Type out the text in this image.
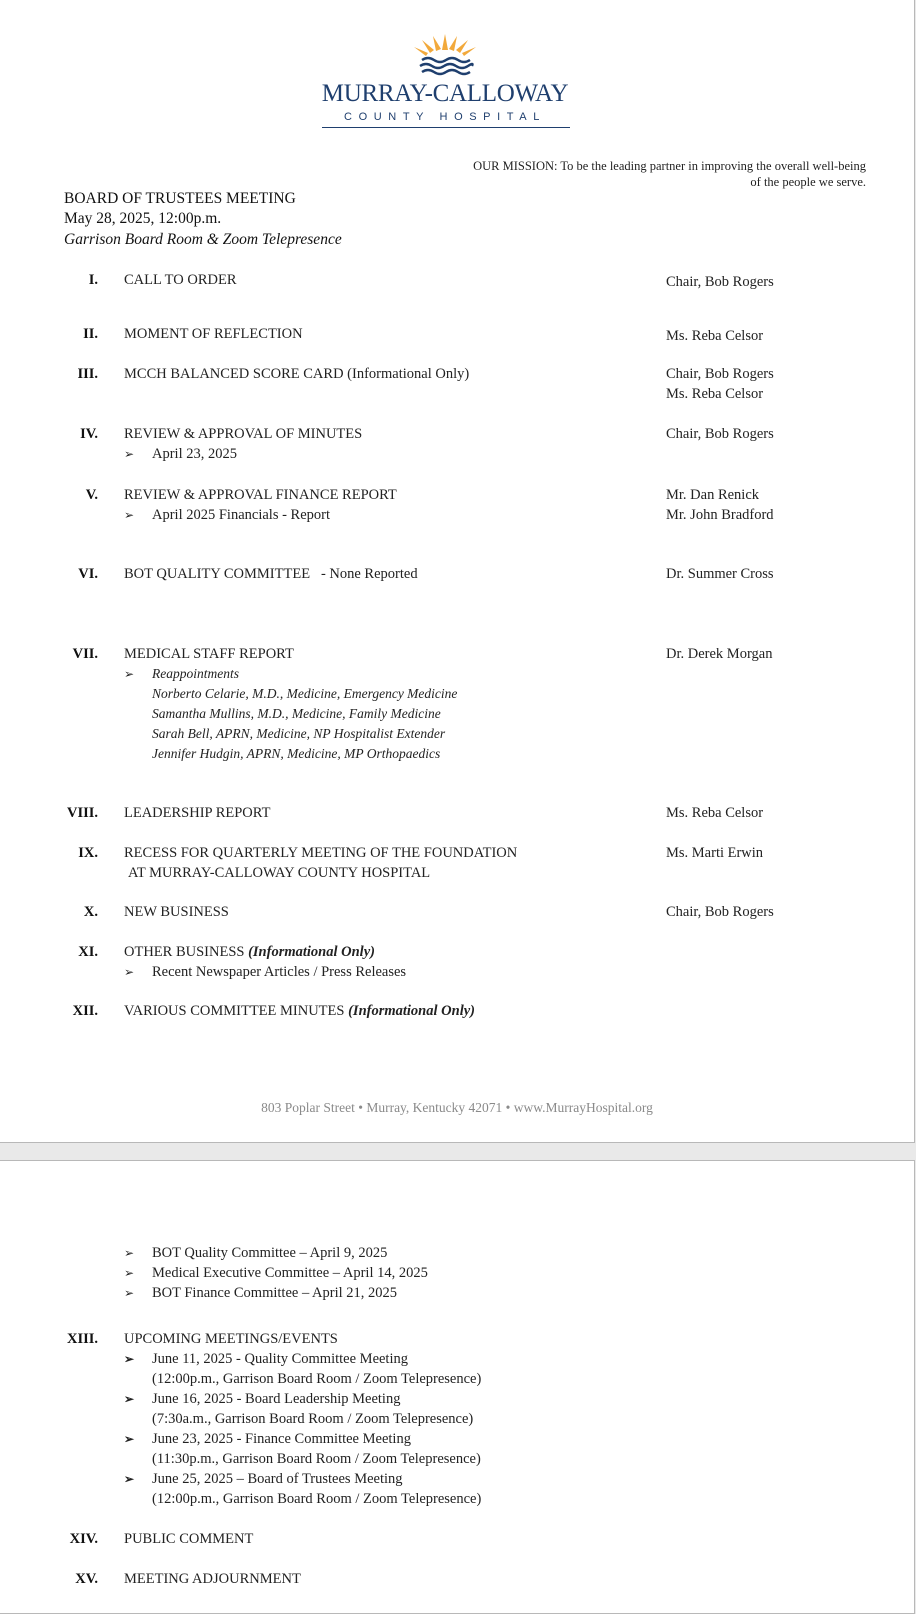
MURRAY-CALLOWAY
COUNTY HOSPITAL
OUR MISSION: To be the leading partner in improving the overall well-being
of the people we serve.
BOARD OF TRUSTEES MEETING
May 28, 2025, 12:00p.m.
Garrison Board Room & Zoom Telepresence
I. CALL TO ORDER	Chair, Bob Rogers
II. MOMENT OF REFLECTION	Ms. Reba Celsor
III. MCCH BALANCED SCORE CARD (Informational Only)	Chair, Bob Rogers
Ms. Reba Celsor
IV. REVIEW & APPROVAL OF MINUTES	Chair, Bob Rogers
➢ April 23, 2025
V. REVIEW & APPROVAL FINANCE REPORT	Mr. Dan Renick
Mr. John Bradford
➢ April 2025 Financials - Report
VI. BOT QUALITY COMMITTEE   - None Reported	Dr. Summer Cross
VII. MEDICAL STAFF REPORT	Dr. Derek Morgan
➢ Reappointments
Norberto Celarie, M.D., Medicine, Emergency Medicine
Samantha Mullins, M.D., Medicine, Family Medicine
Sarah Bell, APRN, Medicine, NP Hospitalist Extender
Jennifer Hudgin, APRN, Medicine, MP Orthopaedics
VIII. LEADERSHIP REPORT	Ms. Reba Celsor
IX. RECESS FOR QUARTERLY MEETING OF THE FOUNDATION	Ms. Marti Erwin
AT MURRAY-CALLOWAY COUNTY HOSPITAL
X. NEW BUSINESS	Chair, Bob Rogers
XI. OTHER BUSINESS (Informational Only)
➢ Recent Newspaper Articles / Press Releases
XII. VARIOUS COMMITTEE MINUTES (Informational Only)
803 Poplar Street • Murray, Kentucky 42071 • www.MurrayHospital.org
➢ BOT Quality Committee – April 9, 2025
➢ Medical Executive Committee – April 14, 2025
➢ BOT Finance Committee – April 21, 2025
XIII. UPCOMING MEETINGS/EVENTS
➢ June 11, 2025 - Quality Committee Meeting
(12:00p.m., Garrison Board Room / Zoom Telepresence)
➢ June 16, 2025 - Board Leadership Meeting
(7:30a.m., Garrison Board Room / Zoom Telepresence)
➢ June 23, 2025 - Finance Committee Meeting
(11:30p.m., Garrison Board Room / Zoom Telepresence)
➢ June 25, 2025 – Board of Trustees Meeting
(12:00p.m., Garrison Board Room / Zoom Telepresence)
XIV. PUBLIC COMMENT
XV. MEETING ADJOURNMENT
